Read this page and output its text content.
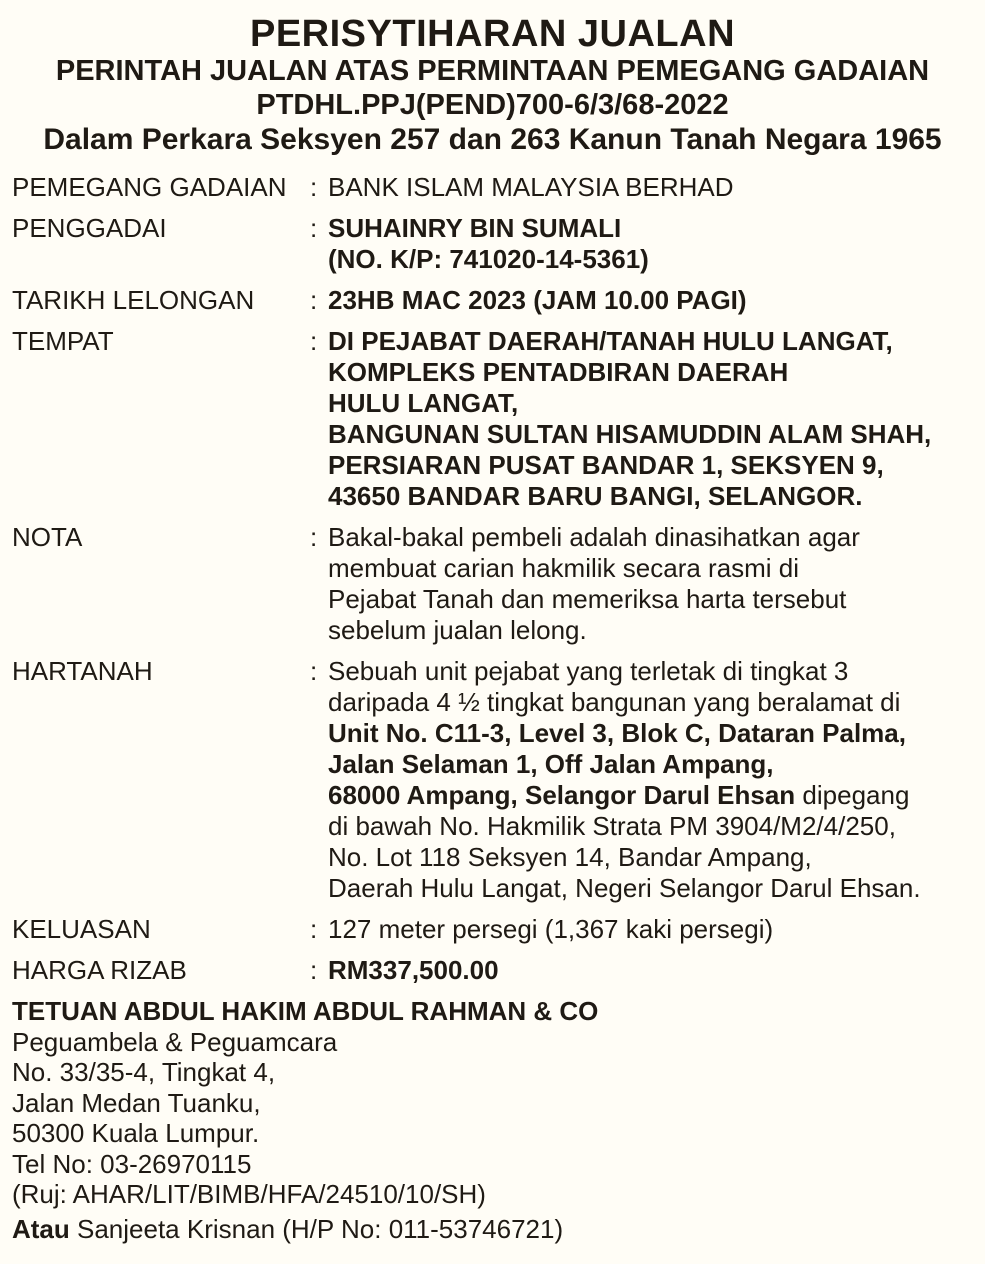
PERISYTIHARAN JUALAN
PERINTAH JUALAN ATAS PERMINTAAN PEMEGANG GADAIAN
PTDHL.PPJ(PEND)700-6/3/68-2022
Dalam Perkara Seksyen 257 dan 263 Kanun Tanah Negara 1965
PEMEGANG GADAIAN : BANK ISLAM MALAYSIA BERHAD
PENGGADAI	: SUHAINRY BIN SUMALI
(NO. K/P: 741020-14-5361)
TARIKH LELONGAN	: 23HB MAC 2023 (JAM 10.00 PAGI)
TEMPAT	: DI PEJABAT DAERAH/TANAH HULU LANGAT,
KOMPLEKS PENTADBIRAN DAERAH
HULU LANGAT,
BANGUNAN SULTAN HISAMUDDIN ALAM SHAH,
PERSIARAN PUSAT BANDAR 1, SEKSYEN 9,
43650 BANDAR BARU BANGI, SELANGOR.
NOTA	: Bakal-bakal pembeli adalah dinasihatkan agar
membuat carian hakmilik secara rasmi di
Pejabat Tanah dan memeriksa harta tersebut
sebelum jualan lelong.
HARTANAH	: Sebuah unit pejabat yang terletak di tingkat 3
daripada 4 ½ tingkat bangunan yang beralamat di
Unit No. C11-3, Level 3, Blok C, Dataran Palma,
Jalan Selaman 1, Off Jalan Ampang,
68000 Ampang, Selangor Darul Ehsan dipegang
di bawah No. Hakmilik Strata PM 3904/M2/4/250,
No. Lot 118 Seksyen 14, Bandar Ampang,
Daerah Hulu Langat, Negeri Selangor Darul Ehsan.
KELUASAN	: 127 meter persegi (1,367 kaki persegi)
HARGA RIZAB	: RM337,500.00
TETUAN ABDUL HAKIM ABDUL RAHMAN & CO
Peguambela & Peguamcara
No. 33/35-4, Tingkat 4,
Jalan Medan Tuanku,
50300 Kuala Lumpur.
Tel No: 03-26970115
(Ruj: AHAR/LIT/BIMB/HFA/24510/10/SH)
Atau Sanjeeta Krisnan (H/P No: 011-53746721)
